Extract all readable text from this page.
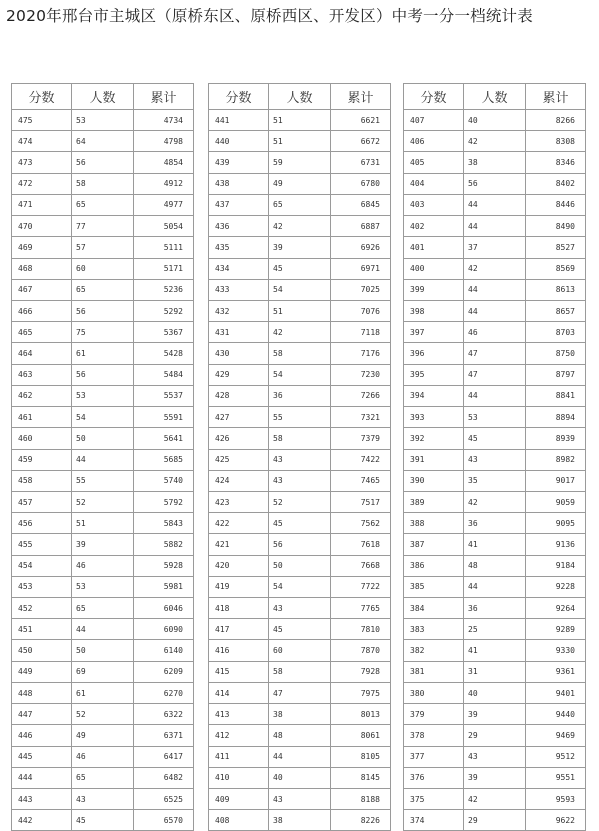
2020年邢台市主城区（原桥东区、原桥西区、开发区）中考一分一档统计表
分数	人数	累计
475	53	4734
474	64	4798
473	56	4854
472	58	4912
471	65	4977
470	77	5054
469	57	5111
468	60	5171
467	65	5236
466	56	5292
465	75	5367
464	61	5428
463	56	5484
462	53	5537
461	54	5591
460	50	5641
459	44	5685
458	55	5740
457	52	5792
456	51	5843
455	39	5882
454	46	5928
453	53	5981
452	65	6046
451	44	6090
450	50	6140
449	69	6209
448	61	6270
447	52	6322
446	49	6371
445	46	6417
444	65	6482
443	43	6525
442	45	6570
分数	人数	累计
441	51	6621
440	51	6672
439	59	6731
438	49	6780
437	65	6845
436	42	6887
435	39	6926
434	45	6971
433	54	7025
432	51	7076
431	42	7118
430	58	7176
429	54	7230
428	36	7266
427	55	7321
426	58	7379
425	43	7422
424	43	7465
423	52	7517
422	45	7562
421	56	7618
420	50	7668
419	54	7722
418	43	7765
417	45	7810
416	60	7870
415	58	7928
414	47	7975
413	38	8013
412	48	8061
411	44	8105
410	40	8145
409	43	8188
408	38	8226
分数	人数	累计
407	40	8266
406	42	8308
405	38	8346
404	56	8402
403	44	8446
402	44	8490
401	37	8527
400	42	8569
399	44	8613
398	44	8657
397	46	8703
396	47	8750
395	47	8797
394	44	8841
393	53	8894
392	45	8939
391	43	8982
390	35	9017
389	42	9059
388	36	9095
387	41	9136
386	48	9184
385	44	9228
384	36	9264
383	25	9289
382	41	9330
381	31	9361
380	40	9401
379	39	9440
378	29	9469
377	43	9512
376	39	9551
375	42	9593
374	29	9622
